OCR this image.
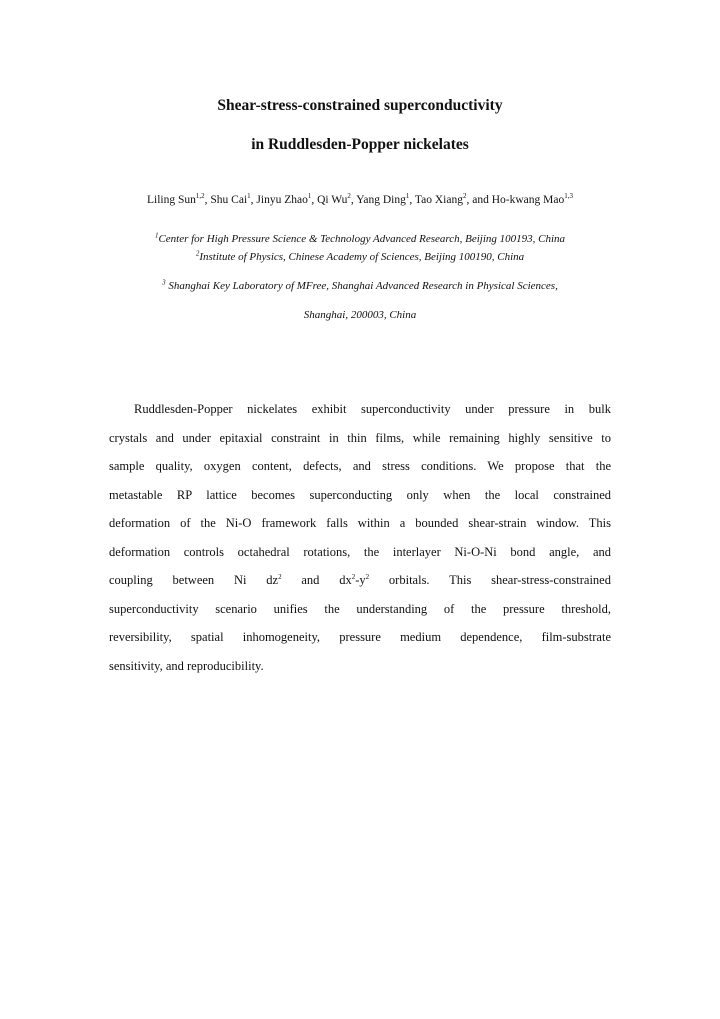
Shear-stress-constrained superconductivity
in Ruddlesden-Popper nickelates
Liling Sun$^{1,2}$, Shu Cai$^1$, Jinyu Zhao$^1$, Qi Wu$^2$, Yang Ding$^1$, Tao Xiang$^2$, and Ho-kwang Mao$^{1,3}$
$^1$Center for High Pressure Science & Technology Advanced Research, Beijing 100193, China
$^2$Institute of Physics, Chinese Academy of Sciences, Beijing 100190, China
$^3$ Shanghai Key Laboratory of MFree, Shanghai Advanced Research in Physical Sciences,
Shanghai, 200003, China
Ruddlesden-Popper nickelates exhibit superconductivity under pressure in bulk
crystals and under epitaxial constraint in thin films, while remaining highly sensitive to
sample quality, oxygen content, defects, and stress conditions. We propose that the
metastable RP lattice becomes superconducting only when the local constrained
deformation of the Ni-O framework falls within a bounded shear-strain window. This
deformation controls octahedral rotations, the interlayer Ni-O-Ni bond angle, and
coupling between Ni $dz^2$ and $dx^2-y^2$ orbitals. This shear-stress-constrained
superconductivity scenario unifies the understanding of the pressure threshold,
reversibility, spatial inhomogeneity, pressure medium dependence, film-substrate
sensitivity, and reproducibility.
